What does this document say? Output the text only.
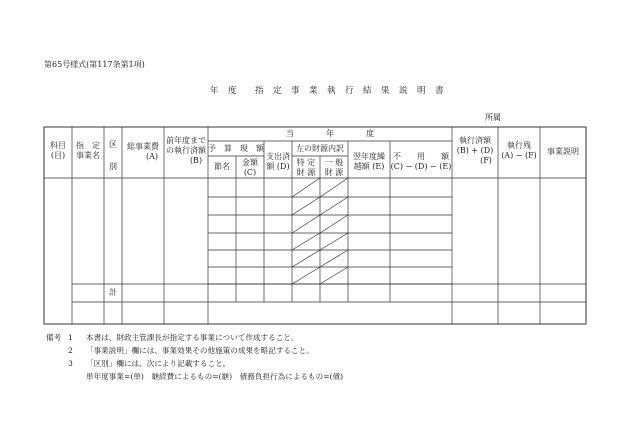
第65号様式(第117条第1項)
年　度　　指　定　事　業　執　行　結　果　説　明　書
所属
科目
(目)
指　定
事業名
区
別
総事業費
(A)
前年度まで
の執行済額
(B)
当　　　　年　　　　度
予　算　現　額
節名	金額
(C)
支出済
額 (D)
左の財源内訳
特 定
財 源
一 般
財 源
翌年度繰
越額 (E)
不　　用　　額
(C) − (D) − (E)
執行済額
(B) + (D)
(F)
執行残
(A) − (F)	事業説明
計
備考 1 本書は、財政主管課長が指定する事業について作成すること。
2 「事業説明」欄には、事業効果その他施策の成果を略記すること。
3 「区別」欄には、次により記載すること。
単年度事業=(単)　継続費によるもの=(継)　債務負担行為によるもの=(債)
